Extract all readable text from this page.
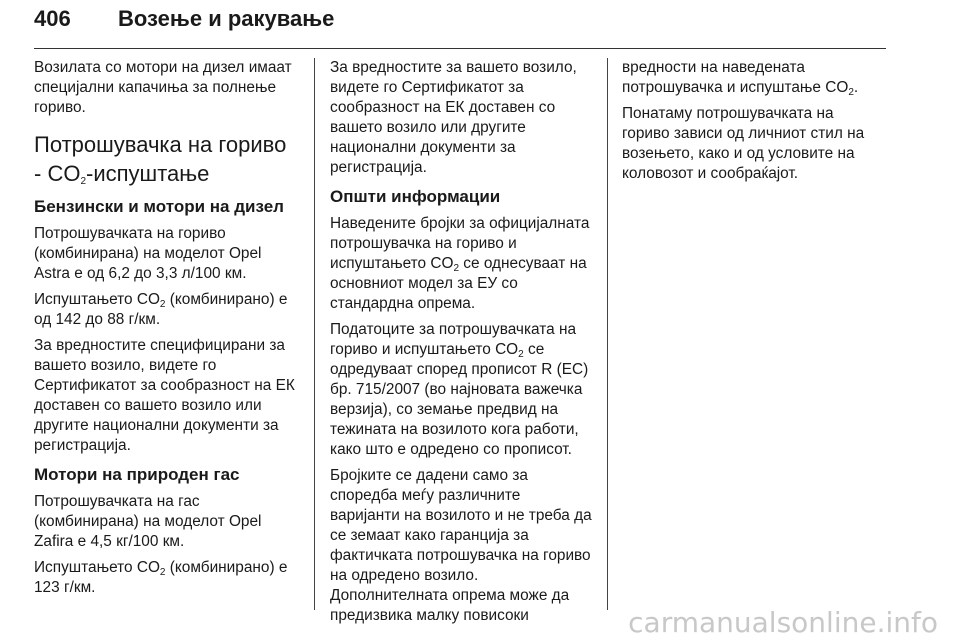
406 Возење и ракување

Возилата со мотори на дизел имаат специјални капачиња за полнење гориво.

Потрошувачка на гориво - $CO_2$-испуштање
Бензински и мотори на дизел

Потрошувачката на гориво (комбинирана) на моделот Opel Astra е од 6,2 до 3,3 л/100 км.

Испуштањето $CO_2$ (комбинирано) е од 142 до 88 г/км.

За вредностите специфицирани за вашето возило, видете го Сертификатот за сообразност на ЕК доставен со вашето возило или другите национални документи за регистрација.

Мотори на природен гас

Потрошувачката на гас (комбинирана) на моделот Opel Zafira е 4,5 кг/100 км.

Испуштањето $CO_2$ (комбинирано) е 123 г/км.

За вредностите за вашето возило, видете го Сертификатот за сообразност на ЕК доставен со вашето возило или другите национални документи за регистрација.

Општи информации

Наведените бројки за официјалната потрошувачка на гориво и испуштањето $CO_2$ се однесуваат на основниот модел за ЕУ со стандардна опрема.

Податоците за потрошувачката на гориво и испуштањето $CO_2$ се одредуваат според прописот R (EC) бр. 715/2007 (во најновата важечка верзија), со земање предвид на тежината на возилото кога работи, како што е одредено со прописот.

Бројките се дадени само за споредба меѓу различните варијанти на возилото и не треба да се земаат како гаранција за фактичката потрошувачка на гориво на одредено возило. Дополнителната опрема може да предизвика малку повисоки

вредности на наведената потрошувачка и испуштање $CO_2$.

Понатаму потрошувачката на гориво зависи од личниот стил на возењето, како и од условите на коловозот и сообраќајот.

carmanualsonline.info
